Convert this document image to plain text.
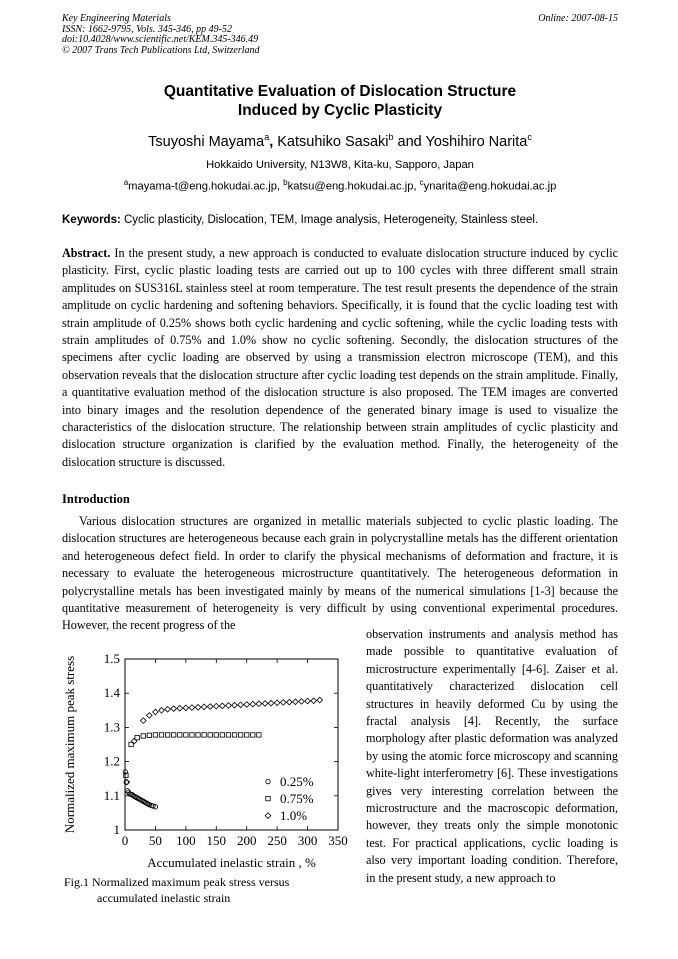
Key Engineering Materials
ISSN: 1662-9795, Vols. 345-346, pp 49-52
doi:10.4028/www.scientific.net/KEM.345-346.49
© 2007 Trans Tech Publications Ltd, Switzerland
Online: 2007-08-15
Quantitative Evaluation of Dislocation Structure
Induced by Cyclic Plasticity
Tsuyoshi Mayama$^a$, Katsuhiko Sasaki$^b$ and Yoshihiro Narita$^c$
Hokkaido University, N13W8, Kita-ku, Sapporo, Japan
$^a$mayama-t@eng.hokudai.ac.jp, $^b$katsu@eng.hokudai.ac.jp, $^c$ynarita@eng.hokudai.ac.jp
Keywords: Cyclic plasticity, Dislocation, TEM, Image analysis, Heterogeneity, Stainless steel.
Abstract. In the present study, a new approach is conducted to evaluate dislocation structure induced by cyclic plasticity. First, cyclic plastic loading tests are carried out up to 100 cycles with three different small strain amplitudes on SUS316L stainless steel at room temperature. The test result presents the dependence of the strain amplitude on cyclic hardening and softening behaviors. Specifically, it is found that the cyclic loading test with strain amplitude of 0.25% shows both cyclic hardening and cyclic softening, while the cyclic loading tests with strain amplitudes of 0.75% and 1.0% show no cyclic softening. Secondly, the dislocation structures of the specimens after cyclic loading are observed by using a transmission electron microscope (TEM), and this observation reveals that the dislocation structure after cyclic loading test depends on the strain amplitude. Finally, a quantitative evaluation method of the dislocation structure is also proposed. The TEM images are converted into binary images and the resolution dependence of the generated binary image is used to visualize the characteristics of the dislocation structure. The relationship between strain amplitudes of cyclic plasticity and dislocation structure organization is clarified by the evaluation method. Finally, the heterogeneity of the dislocation structure is discussed.
Introduction
Various dislocation structures are organized in metallic materials subjected to cyclic plastic loading. The dislocation structures are heterogeneous because each grain in polycrystalline metals has the different orientation and heterogeneous defect field. In order to clarify the physical mechanisms of deformation and fracture, it is necessary to evaluate the heterogeneous microstructure quantitatively. The heterogeneous deformation in polycrystalline metals has been investigated mainly by means of the numerical simulations [1-3] because the quantitative measurement of heterogeneity is very difficult by using conventional experimental procedures. However, the recent progress of the
observation instruments and analysis method has made possible to quantitative evaluation of microstructure experimentally [4-6]. Zaiser et al. quantitatively characterized dislocation cell structures in heavily deformed Cu by using the fractal analysis [4]. Recently, the surface morphology after plastic deformation was analyzed by using the atomic force microscopy and scanning white-light interferometry [6]. These investigations gives very interesting correlation between the microstructure and the macroscopic deformation, however, they treats only the simple monotonic test. For practical applications, cyclic loading is also very important loading condition. Therefore, in the present study, a new approach to
0 50 100 150 200 250 300 350
1
1.1
1.2
1.3
1.4
1.5
Accumulated inelastic strain , %
Normalized maximum peak stress	0.25%
0.75%
1.0%
Fig.1 Normalized maximum peak stress versus
accumulated inelastic strain
